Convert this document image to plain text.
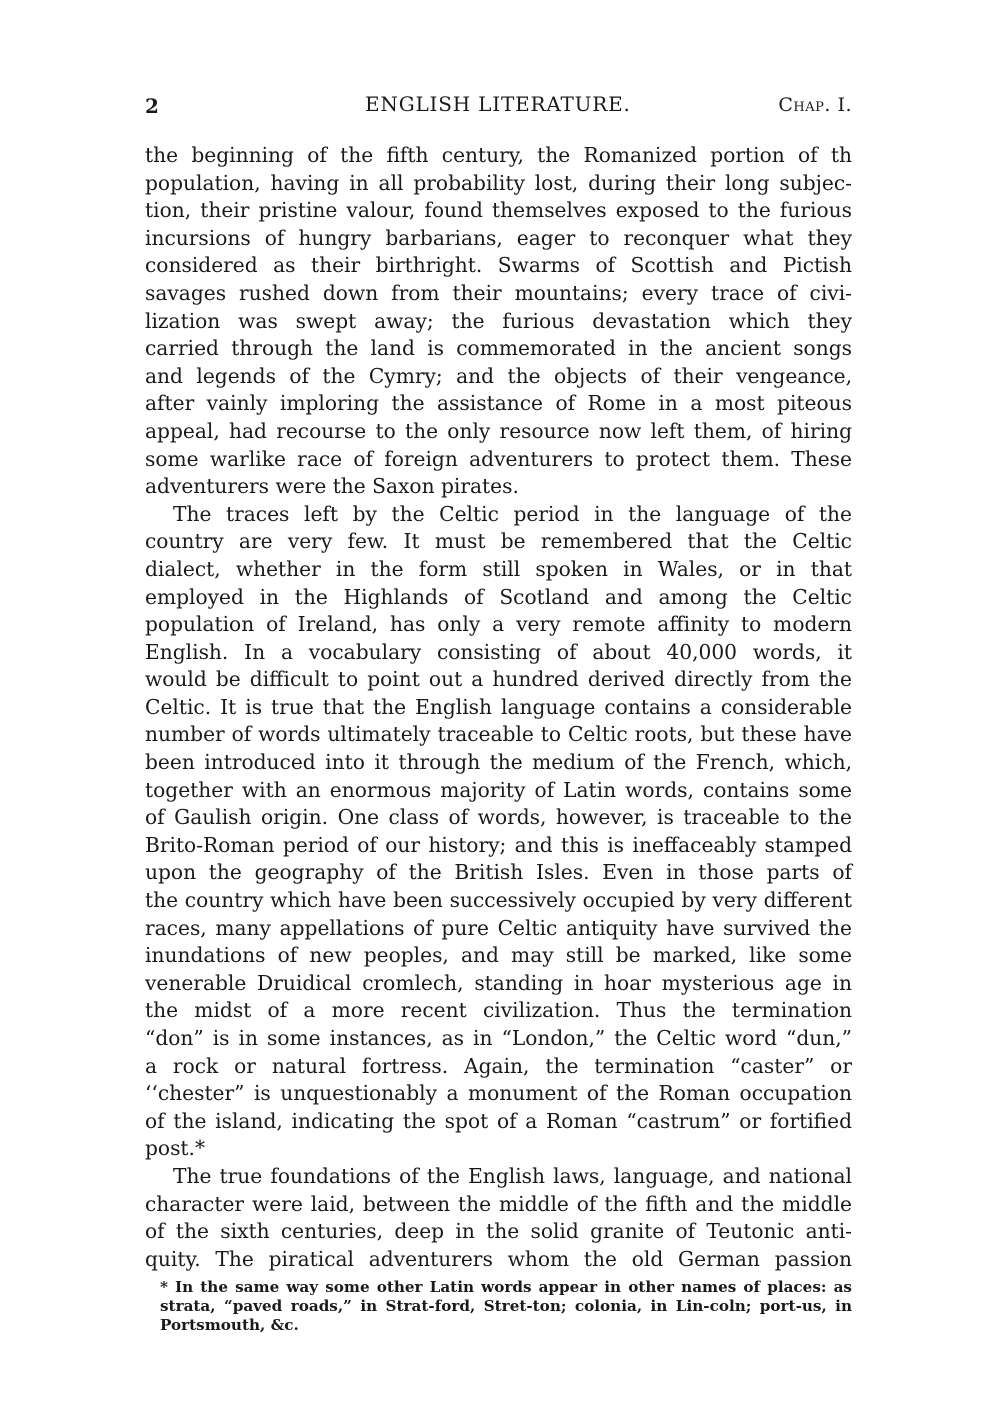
2	ENGLISH LITERATURE.	Chap. I.

the beginning of the fifth century, the Romanized portion of th
population, having in all probability lost, during their long subjec-
tion, their pristine valour, found themselves exposed to the furious
incursions of hungry barbarians, eager to reconquer what they
considered as their birthright. Swarms of Scottish and Pictish
savages rushed down from their mountains; every trace of civi-
lization was swept away; the furious devastation which they
carried through the land is commemorated in the ancient songs
and legends of the Cymry; and the objects of their vengeance,
after vainly imploring the assistance of Rome in a most piteous
appeal, had recourse to the only resource now left them, of hiring
some warlike race of foreign adventurers to protect them. These
adventurers were the Saxon pirates.

The traces left by the Celtic period in the language of the
country are very few. It must be remembered that the Celtic
dialect, whether in the form still spoken in Wales, or in that
employed in the Highlands of Scotland and among the Celtic
population of Ireland, has only a very remote affinity to modern
English. In a vocabulary consisting of about 40,000 words, it
would be difficult to point out a hundred derived directly from the
Celtic. It is true that the English language contains a considerable
number of words ultimately traceable to Celtic roots, but these have
been introduced into it through the medium of the French, which,
together with an enormous majority of Latin words, contains some
of Gaulish origin. One class of words, however, is traceable to the
Brito-Roman period of our history; and this is ineffaceably stamped
upon the geography of the British Isles. Even in those parts of
the country which have been successively occupied by very different
races, many appellations of pure Celtic antiquity have survived the
inundations of new peoples, and may still be marked, like some
venerable Druidical cromlech, standing in hoar mysterious age in
the midst of a more recent civilization. Thus the termination
“don” is in some instances, as in “London,” the Celtic word “dun,”
a rock or natural fortress. Again, the termination “caster” or
‘‘chester” is unquestionably a monument of the Roman occupation
of the island, indicating the spot of a Roman “castrum” or fortified
post.*

The true foundations of the English laws, language, and national
character were laid, between the middle of the fifth and the middle
of the sixth centuries, deep in the solid granite of Teutonic anti-
quity. The piratical adventurers whom the old German passion

* In the same way some other Latin words appear in other names of places: as
strata, “paved roads,” in Strat-ford, Stret-ton; colonia, in Lin-coln; port-us, in
Portsmouth, &c.
